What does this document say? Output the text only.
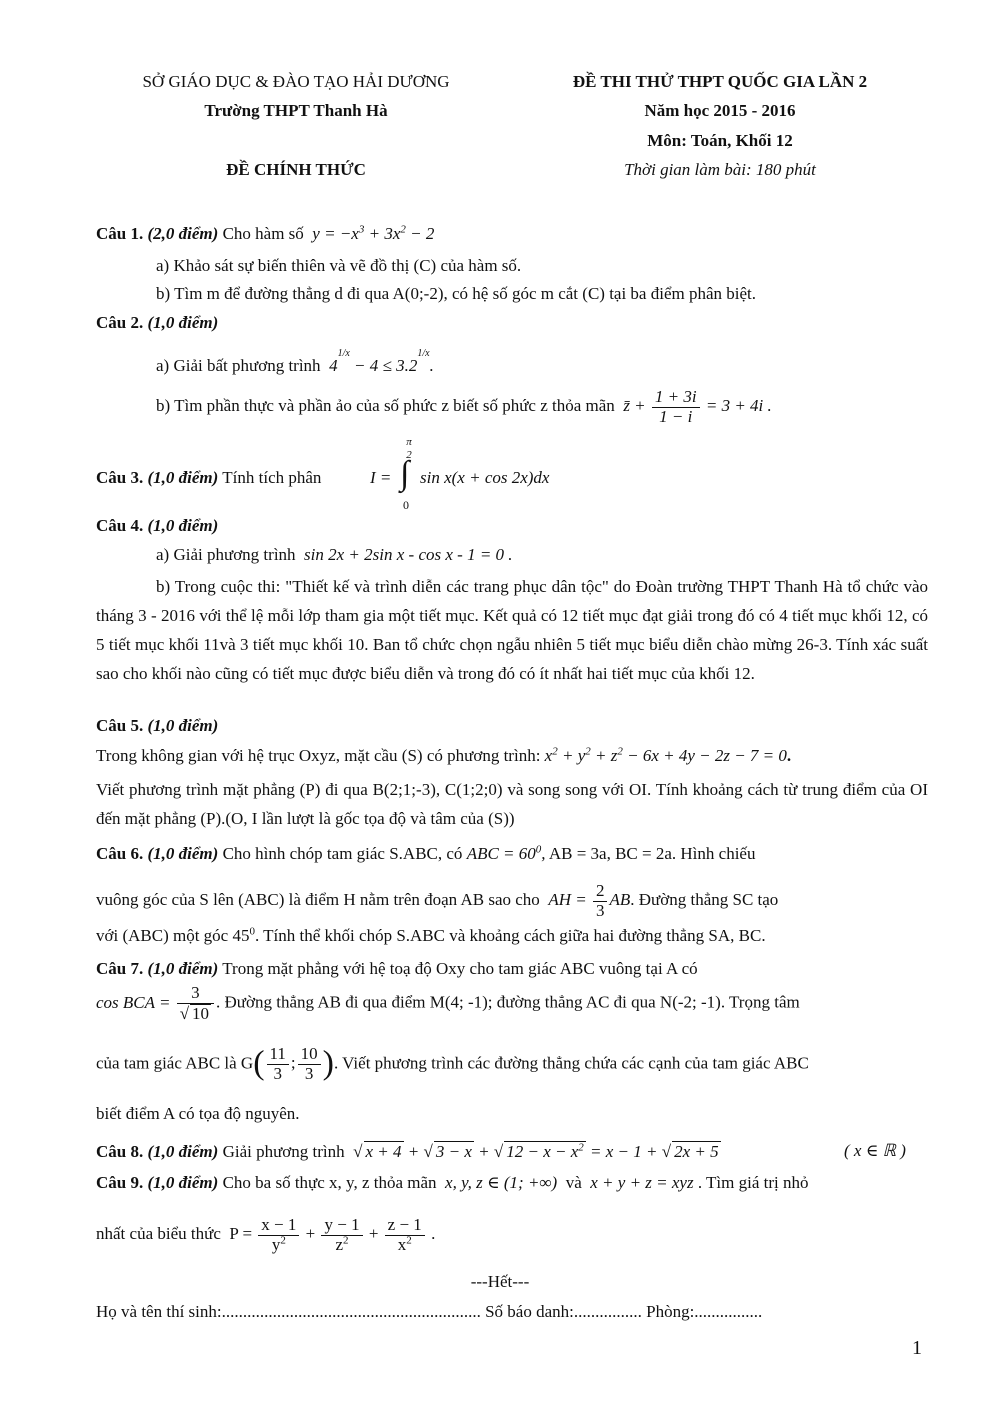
SỞ GIÁO DỤC & ĐÀO TẠO HẢI DƯƠNG
Trường THPT Thanh Hà
ĐỀ CHÍNH THỨC
ĐỀ THI THỬ THPT QUỐC GIA LẦN 2
Năm học 2015 - 2016
Môn: Toán, Khối 12
Thời gian làm bài: 180 phút
Câu 1. (2,0 điểm) Cho hàm số  $y = -x^3 + 3x^2 - 2$
a) Khảo sát sự biến thiên và vẽ đồ thị (C) của hàm số.
b) Tìm m để đường thẳng d đi qua A(0;-2), có hệ số góc m cắt (C) tại ba điểm phân biệt.
Câu 2. (1,0 điểm)
a) Giải bất phương trình  $4^{1/x} - 4 \le 3.2^{1/x}$.
b) Tìm phần thực và phần ảo của số phức z biết số phức z thỏa mãn  z̄ + $\frac{1 + 3i}{1 - i} = 3 + 4i$ .
Câu 3. (1,0 điểm) Tính tích phân	I =
π
2
∫
0
sin x(x + cos 2x)dx
Câu 4. (1,0 điểm)
a) Giải phương trình  sin 2x + 2sin x - cos x - 1 = 0 .
b) Trong cuộc thi: "Thiết kế và trình diễn các trang phục dân tộc" do Đoàn trường THPT Thanh Hà tổ chức vào tháng 3 - 2016 với thể lệ mỗi lớp tham gia một tiết mục. Kết quả có 12 tiết mục đạt giải trong đó có 4 tiết mục khối 12, có 5 tiết mục khối 11và 3 tiết mục khối 10. Ban tổ chức chọn ngẫu nhiên 5 tiết mục biểu diễn chào mừng 26-3. Tính xác suất sao cho khối nào cũng có tiết mục được biểu diễn và trong đó có ít nhất hai tiết mục của khối 12.
Câu 5. (1,0 điểm)
Trong không gian với hệ trục Oxyz, mặt cầu (S) có phương trình: $x^2 + y^2 + z^2 - 6x + 4y - 2z - 7 = 0$.
Viết phương trình mặt phẳng (P) đi qua B(2;1;-3), C(1;2;0) và song song với OI. Tính khoảng cách từ trung điểm của OI đến mặt phẳng (P).(O, I lần lượt là gốc tọa độ và tâm của (S))
Câu 6. (1,0 điểm) Cho hình chóp tam giác S.ABC, có ABC = $60^0$, AB = 3a, BC = 2a. Hình chiếu
vuông góc của S lên (ABC) là điểm H nằm trên đoạn AB sao cho  AH = $\frac{2}{3}$ AB. Đường thẳng SC tạo
với (ABC) một góc $45^0$. Tính thể khối chóp S.ABC và khoảng cách giữa hai đường thẳng SA, BC.
Câu 7. (1,0 điểm) Trong mặt phẳng với hệ toạ độ Oxy cho tam giác ABC vuông tại A có
cos BCA = $\frac{3}{√ 10}$ . Đường thẳng AB đi qua điểm M(4; -1); đường thẳng AC đi qua N(-2; -1). Trọng tâm
của tam giác ABC là $G( \frac{11}{3}$ ; $\frac{10}{3}$ ). Viết phương trình các đường thẳng chứa các cạnh của tam giác ABC
biết điểm A có tọa độ nguyên.
Câu 8. (1,0 điểm) Giải phương trình √ x + 4 + √ 3 − x + √ $12 - x - x^2 = x - 1$ + √ 2x + 5	( x ∈ ℝ )
Câu 9. (1,0 điểm) Cho ba số thực x, y, z thỏa mãn  x, y, z ∈ (1; +∞)  và  x + y + z = xyz . Tìm giá trị nhỏ
nhất của biểu thức  $P = \frac{x - 1}{y^2} + \frac{y - 1}{z^2} + \frac{z - 1}{x^2}$ .
---Hết---
Họ và tên thí sinh:............................................................. Số báo danh:................ Phòng:................
1
